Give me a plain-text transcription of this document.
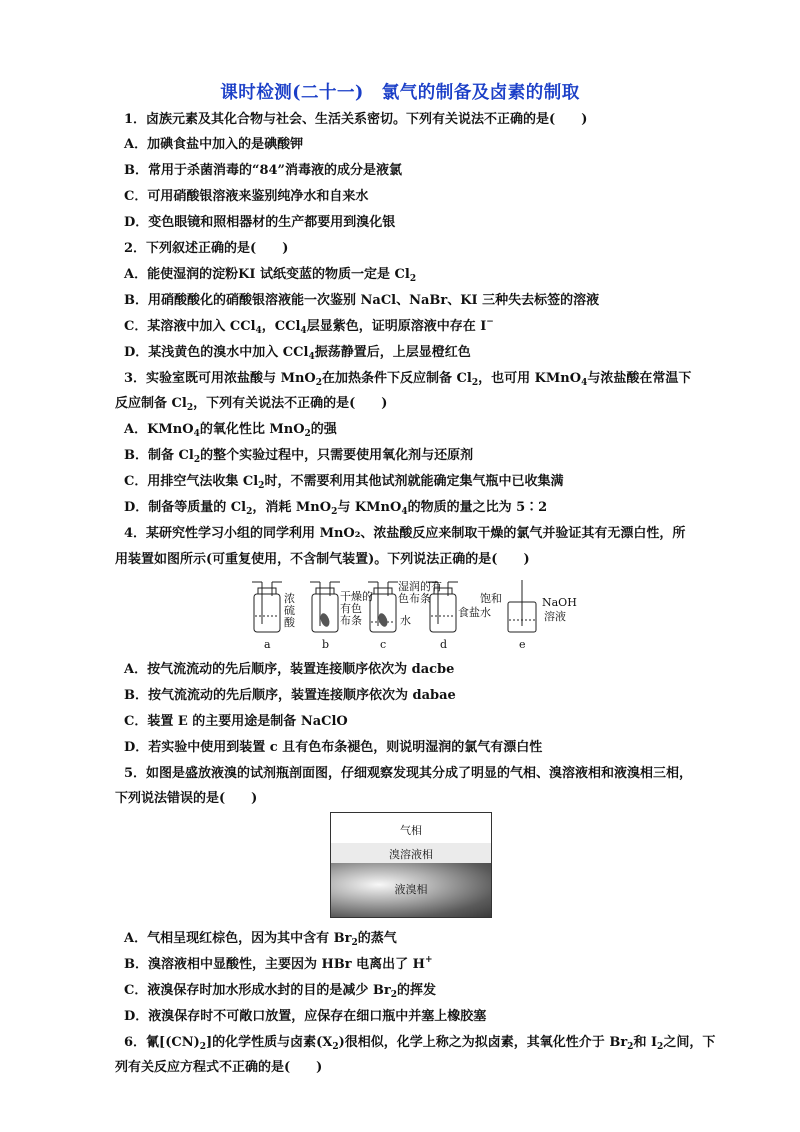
课时检测(二十一)　氯气的制备及卤素的制取
1．卤族元素及其化合物与社会、生活关系密切。下列有关说法不正确的是(　　)
A．加碘食盐中加入的是碘酸钾
B．常用于杀菌消毒的“84”消毒液的成分是液氯
C．可用硝酸银溶液来鉴别纯净水和自来水
D．变色眼镜和照相器材的生产都要用到溴化银
2．下列叙述正确的是(　　)
A．能使湿润的淀粉KI 试纸变蓝的物质一定是 $Cl_2$
B．用硝酸酸化的硝酸银溶液能一次鉴别 NaCl、NaBr、KI 三种失去标签的溶液
C．某溶液中加入 CCl$_4$，CCl$_4$层显紫色，证明原溶液中存在 I−
D．某浅黄色的溴水中加入 CCl$_4$振荡静置后，上层显橙红色
3．实验室既可用浓盐酸与 MnO$_2$在加热条件下反应制备 $Cl_2$，也可用 KMnO$_4$与浓盐酸在常温下
反应制备 $Cl_2$，下列有关说法不正确的是(　　)
A．KMnO$_4$的氧化性比 MnO$_2$的强
B．制备 $Cl_2$的整个实验过程中，只需要使用氧化剂与还原剂
C．用排空气法收集 $Cl_2$时，不需要利用其他试剂就能确定集气瓶中已收集满
D．制备等质量的 $Cl_2$，消耗 MnO$_2$与 KMnO$_4$的物质的量之比为 5∶2
4．某研究性学习小组的同学利用 MnO₂、浓盐酸反应来制取干燥的氯气并验证其有无漂白性，所
用装置如图所示(可重复使用，不含制气装置)。下列说法正确的是(　　)
浓
硫
酸
干燥的
有色
布条
湿润的有
色布条
水
饱和
食盐水
NaOH
溶液
a	b	c	d	e
A．按气流流动的先后顺序，装置连接顺序依次为 dacbe
B．按气流流动的先后顺序，装置连接顺序依次为 dabae
C．装置 E 的主要用途是制备 NaClO
D．若实验中使用到装置 c 且有色布条褪色，则说明湿润的氯气有漂白性
5．如图是盛放液溴的试剂瓶剖面图，仔细观察发现其分成了明显的气相、溴溶液相和液溴相三相，
下列说法错误的是(　　)
气相
溴溶液相
液溴相
A．气相呈现红棕色，因为其中含有 $Br_2$的蒸气
B．溴溶液相中显酸性，主要因为 HBr 电离出了 H+
C．液溴保存时加水形成水封的目的是减少 $Br_2$的挥发
D．液溴保存时不可敞口放置，应保存在细口瓶中并塞上橡胶塞
6．氰$[(CN)_2]$的化学性质与卤素$(X_2)$很相似，化学上称之为拟卤素，其氧化性介于 $Br_2$和 $I_2$之间，下
列有关反应方程式不正确的是(　　)
